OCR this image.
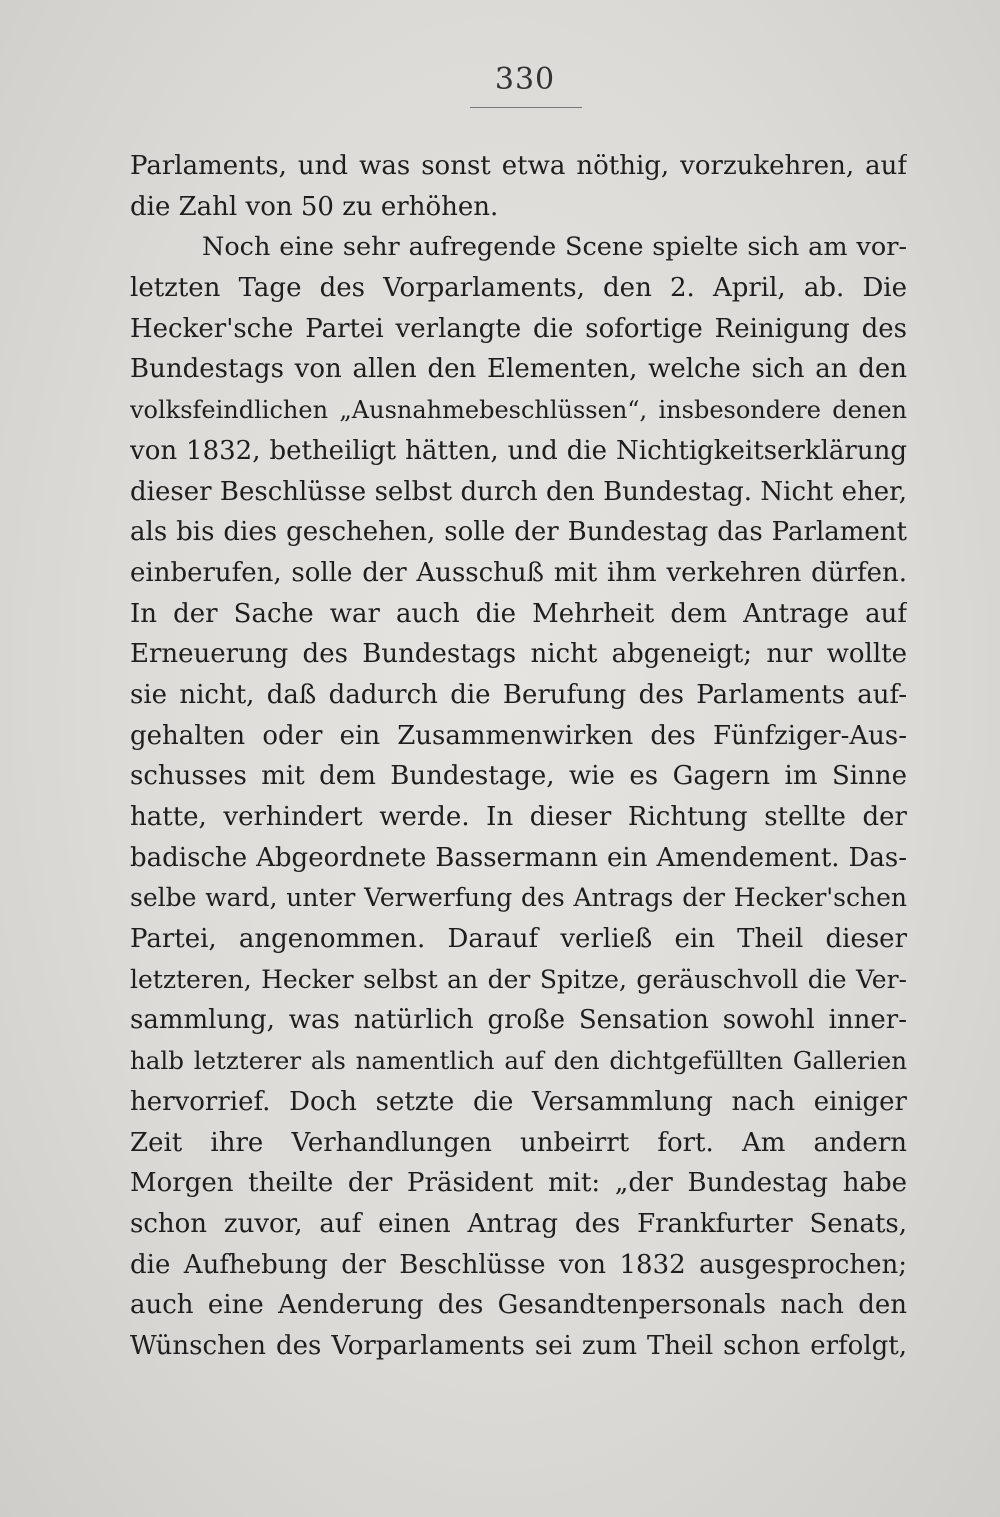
330
Parlaments, und was sonst etwa nöthig, vorzukehren, auf
die Zahl von 50 zu erhöhen.
Noch eine sehr aufregende Scene spielte sich am vor-
letzten Tage des Vorparlaments, den 2. April, ab. Die
Hecker'sche Partei verlangte die sofortige Reinigung des
Bundestags von allen den Elementen, welche sich an den
volksfeindlichen „Ausnahmebeschlüssen“, insbesondere denen
von 1832, betheiligt hätten, und die Nichtigkeitserklärung
dieser Beschlüsse selbst durch den Bundestag. Nicht eher,
als bis dies geschehen, solle der Bundestag das Parlament
einberufen, solle der Ausschuß mit ihm verkehren dürfen.
In der Sache war auch die Mehrheit dem Antrage auf
Erneuerung des Bundestags nicht abgeneigt; nur wollte
sie nicht, daß dadurch die Berufung des Parlaments auf-
gehalten oder ein Zusammenwirken des Fünfziger-Aus-
schusses mit dem Bundestage, wie es Gagern im Sinne
hatte, verhindert werde. In dieser Richtung stellte der
badische Abgeordnete Bassermann ein Amendement. Das-
selbe ward, unter Verwerfung des Antrags der Hecker'schen
Partei, angenommen. Darauf verließ ein Theil dieser
letzteren, Hecker selbst an der Spitze, geräuschvoll die Ver-
sammlung, was natürlich große Sensation sowohl inner-
halb letzterer als namentlich auf den dichtgefüllten Gallerien
hervorrief. Doch setzte die Versammlung nach einiger
Zeit ihre Verhandlungen unbeirrt fort. Am andern
Morgen theilte der Präsident mit: „der Bundestag habe
schon zuvor, auf einen Antrag des Frankfurter Senats,
die Aufhebung der Beschlüsse von 1832 ausgesprochen;
auch eine Aenderung des Gesandtenpersonals nach den
Wünschen des Vorparlaments sei zum Theil schon erfolgt,
